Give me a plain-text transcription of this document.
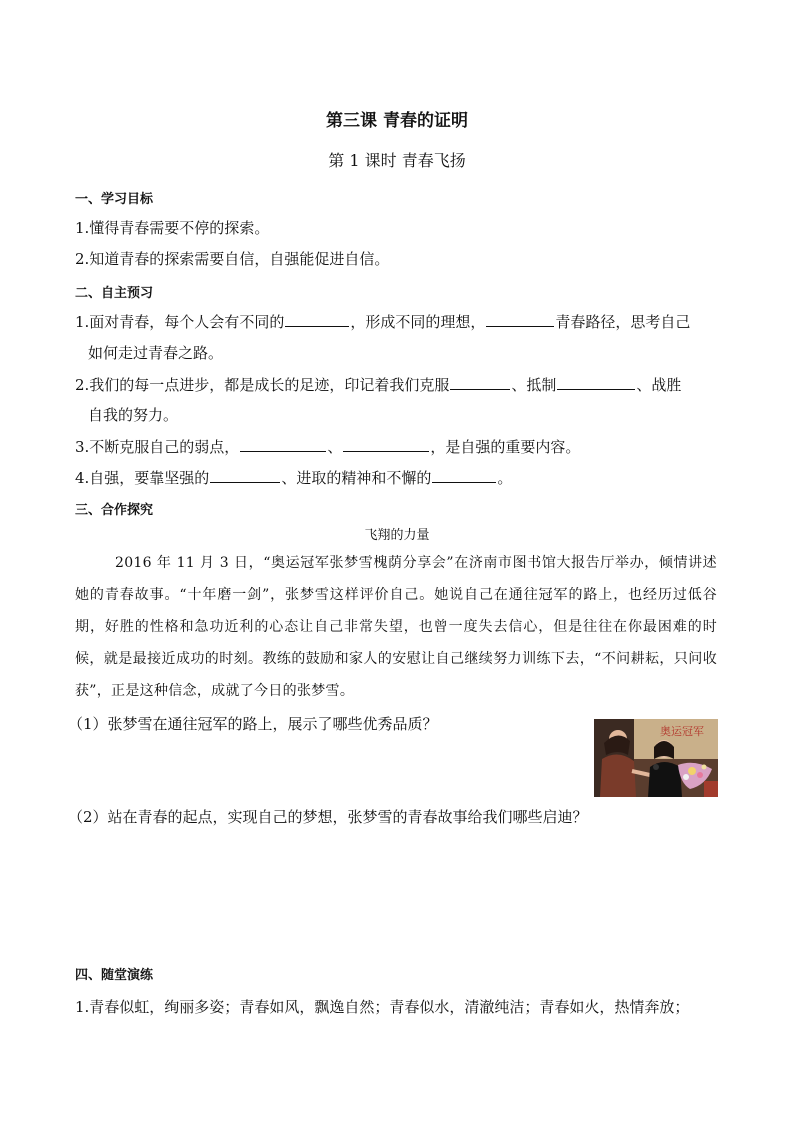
第三课 青春的证明
第 1 课时 青春飞扬
一、学习目标
1.懂得青春需要不停的探索。
2.知道青春的探索需要自信，自强能促进自信。
二、自主预习
1.面对青春，每个人会有不同的	，形成不同的理想，	青春路径，思考自己
如何走过青春之路。
2.我们的每一点进步，都是成长的足迹，印记着我们克服	、抵制	、战胜
自我的努力。
3.不断克服自己的弱点，	、	，是自强的重要内容。
4.自强，要靠坚强的	、进取的精神和不懈的	。
三、合作探究
飞翔的力量
2016 年 11 月 3 日，“奥运冠军张梦雪槐荫分享会”在济南市图书馆大报告厅举办，倾情讲述她的青春故事。“十年磨一剑”，张梦雪这样评价自己。她说自己在通往冠军的路上，也经历过低谷期，好胜的性格和急功近利的心态让自己非常失望，也曾一度失去信心，但是往往在你最困难的时候，就是最接近成功的时刻。教练的鼓励和家人的安慰让自己继续努力训练下去，“不问耕耘，只问收获”，正是这种信念，成就了今日的张梦雪。
（1）张梦雪在通往冠军的路上，展示了哪些优秀品质？	奥运冠军
（2）站在青春的起点，实现自己的梦想，张梦雪的青春故事给我们哪些启迪？
四、随堂演练
1.青春似虹，绚丽多姿；青春如风，飘逸自然；青春似水，清澈纯洁；青春如火，热情奔放；
